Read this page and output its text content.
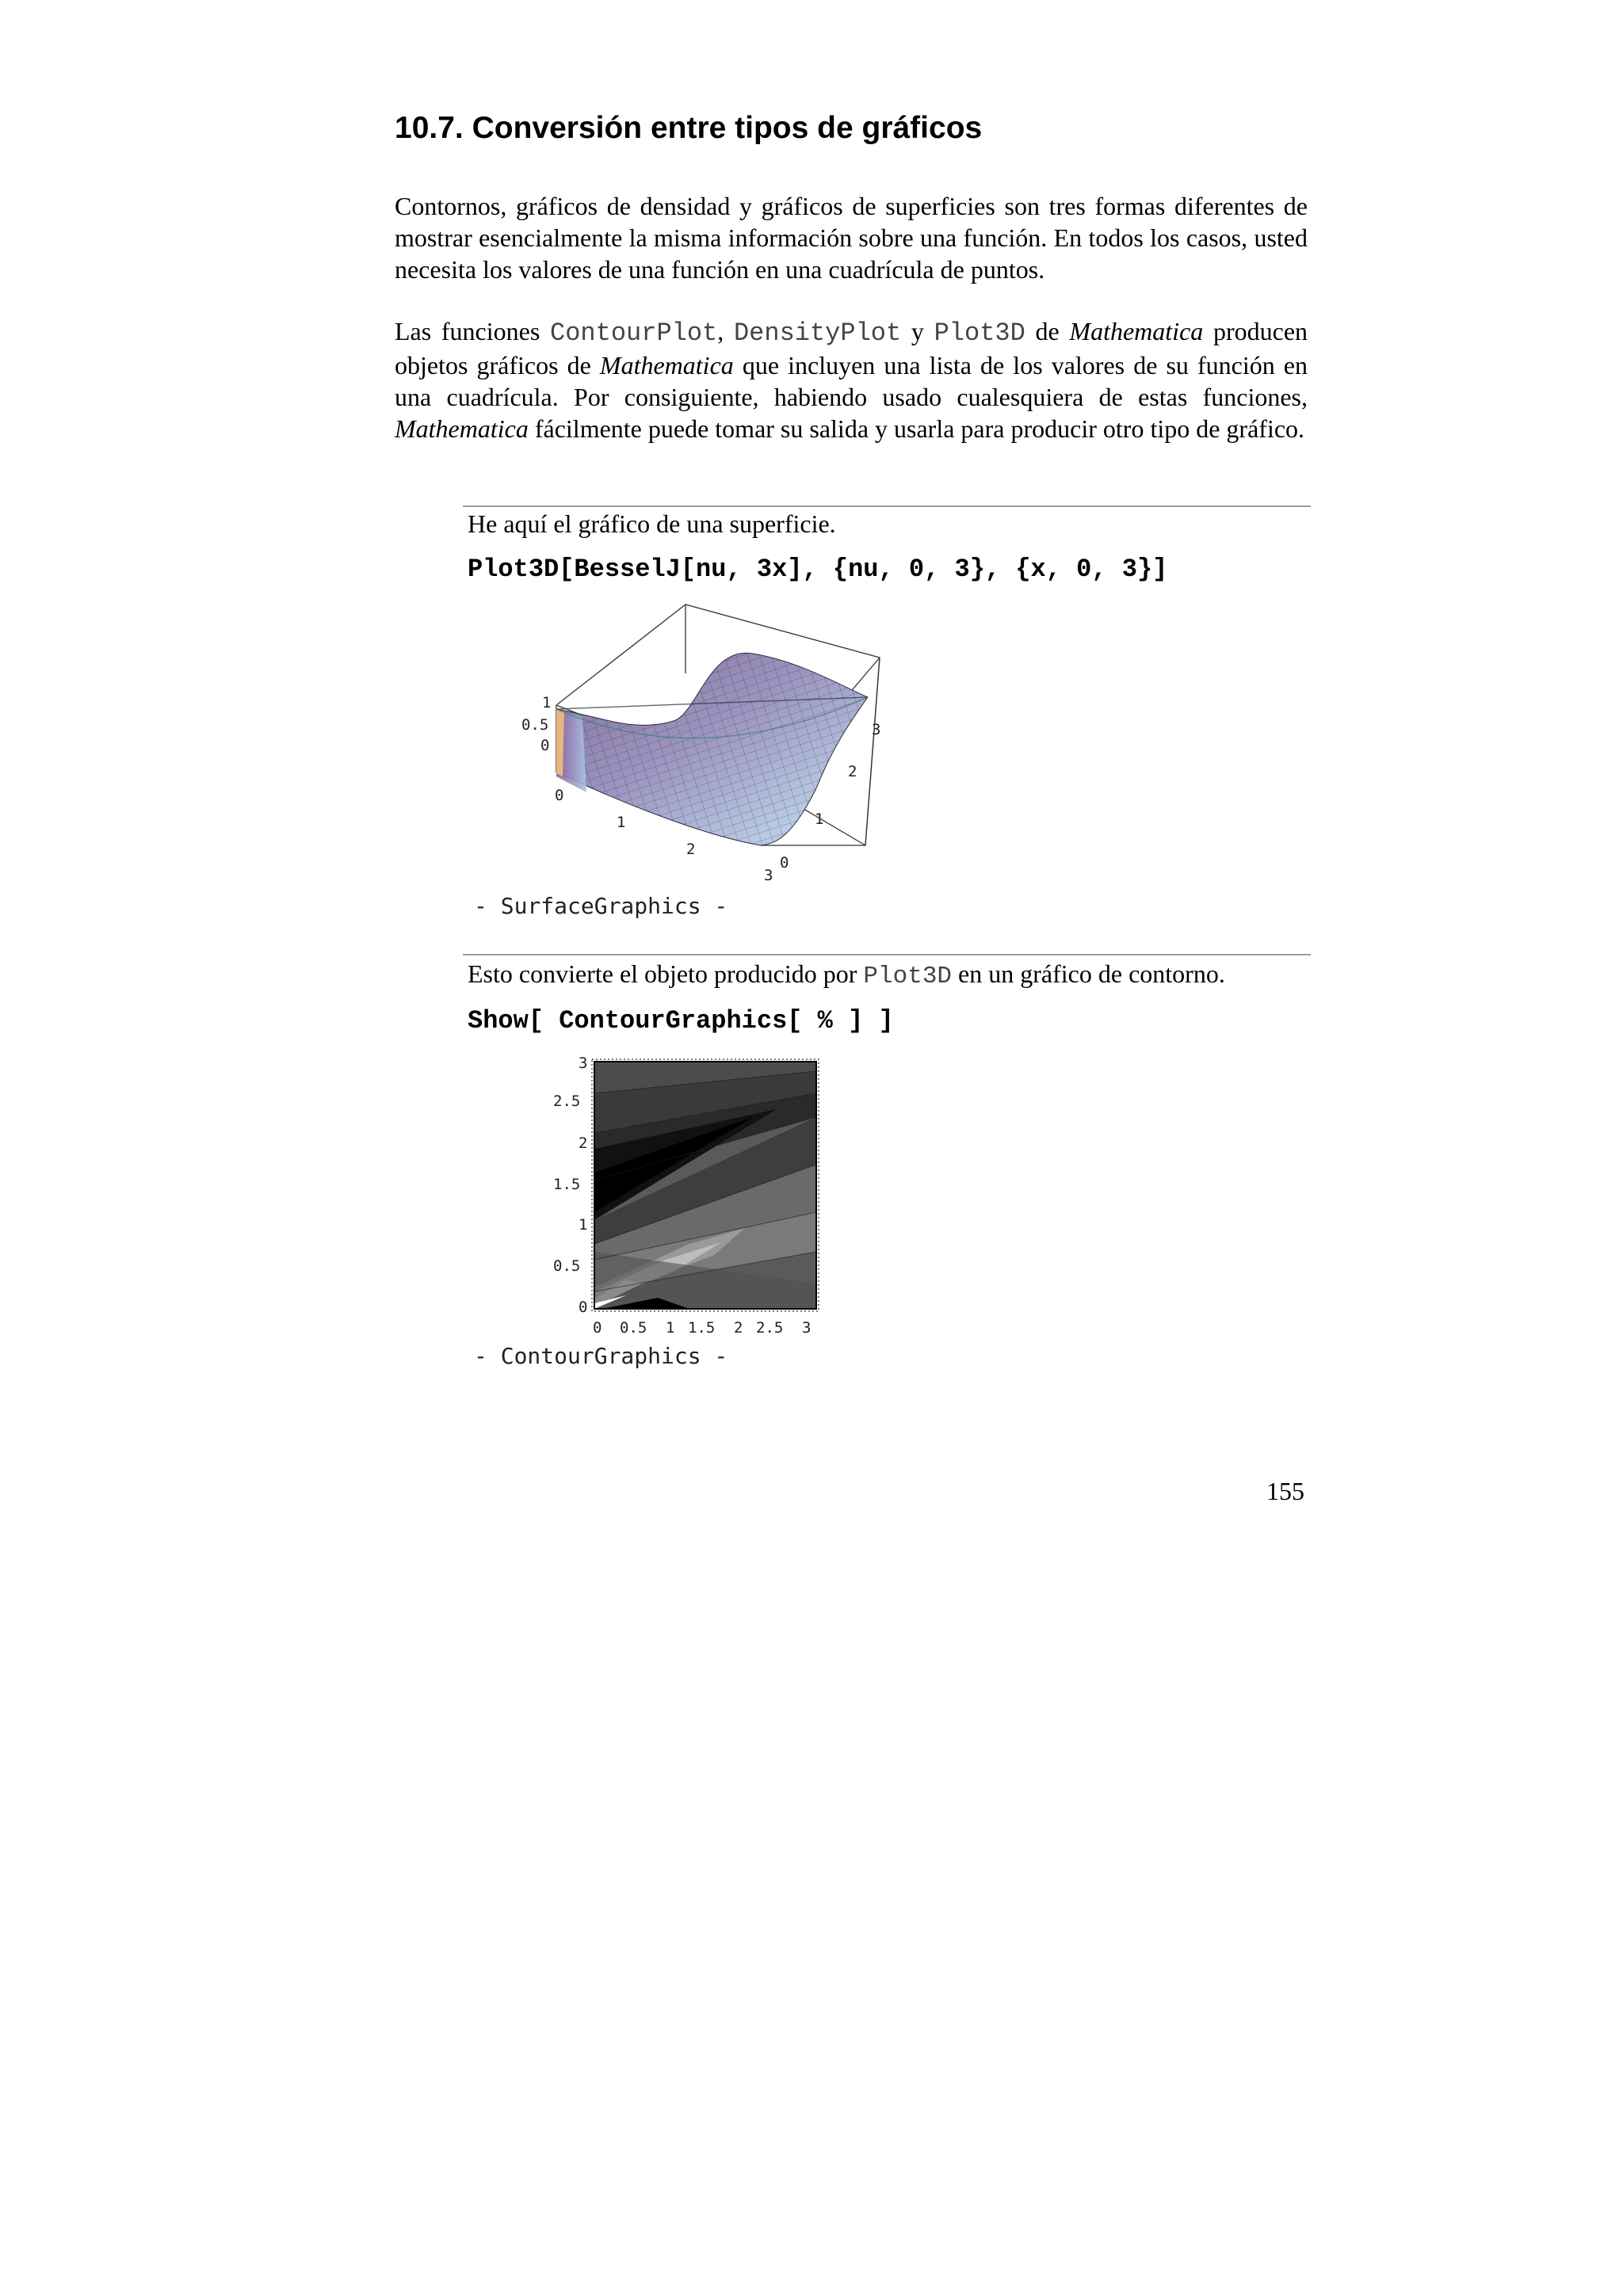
10.7. Conversión entre tipos de gráficos

Contornos, gráficos de densidad y gráficos de superficies son tres formas diferentes de mostrar esencialmente la misma información sobre una función. En todos los casos, usted necesita los valores de una función en una cuadrícula de puntos.

Las funciones ContourPlot, DensityPlot y Plot3D de Mathematica producen objetos gráficos de Mathematica que incluyen una lista de los valores de su función en una cuadrícula. Por consiguiente, habiendo usado cualesquiera de estas funciones, Mathematica fácilmente puede tomar su salida y usarla para producir otro tipo de gráfico.

He aquí el gráfico de una superficie.

Plot3D[BesselJ[nu, 3x], {nu, 0, 3}, {x, 0, 3}]

1
0.5
0
0
1
2
3
0
1
2
3
- SurfaceGraphics -

Esto convierte el objeto producido por Plot3D en un gráfico de contorno.

Show[ ContourGraphics[ % ] ]

3
2.5
2
1.5
1
0.5
0
0 0.5 1 1.5 2 2.5 3
- ContourGraphics -
155
